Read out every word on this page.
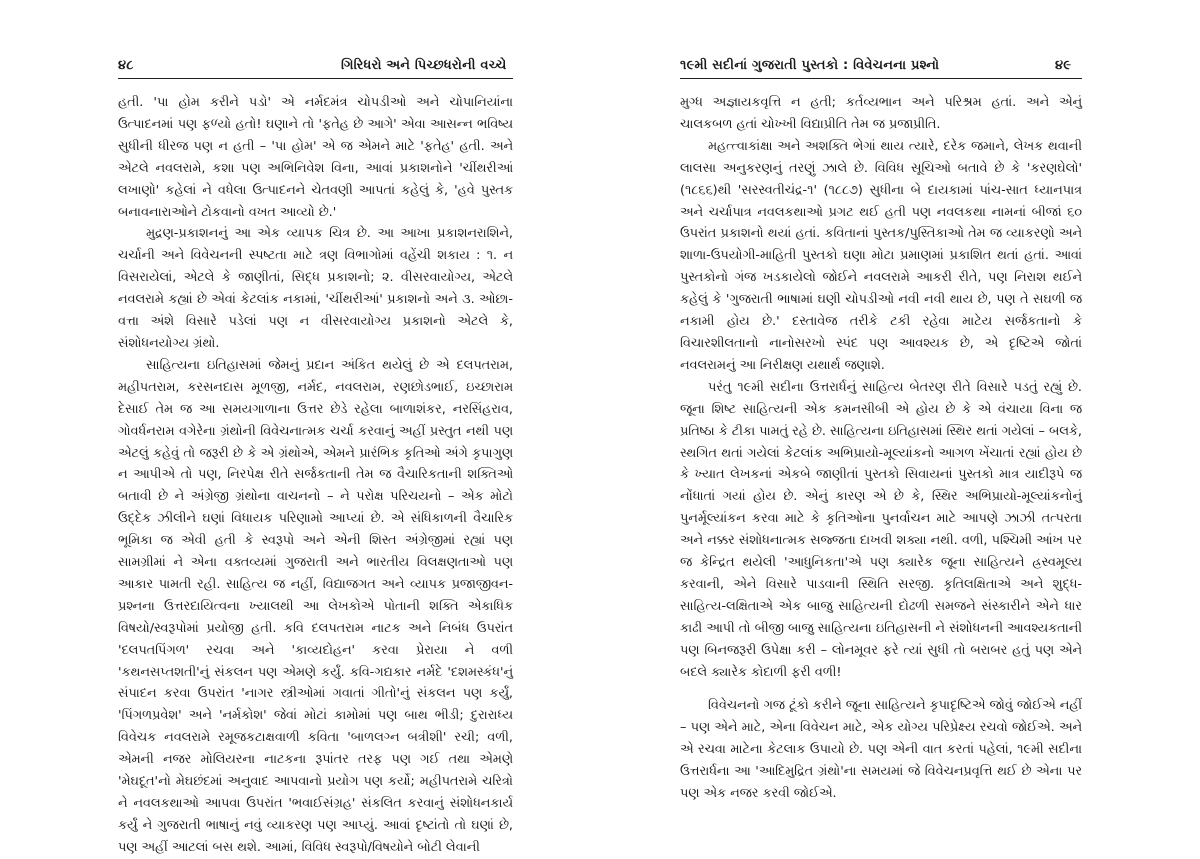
૪૮	ગિરિધરો અને પિચ્છધરોની વચ્ચે

હતી. 'પા હોમ કરીને પડો' એ નર્મદમંત્ર ચોપડીઓ અને ચોપાનિયાંના ઉત્પાદનમાં પણ ફળ્યો હતો! ઘણાને તો 'ફતેહ છે આગે' એવા આસન્ન ભવિષ્ય સુધીની ધીરજ પણ ન હતી – 'પા હોમ' એ જ એમને માટે 'ફતેહ' હતી. અને એટલે નવલરામે, કશા પણ અભિનિવેશ વિના, આવાં પ્રકાશનોને 'ચીંથરીઆં લખાણો' કહેલાં ને વધેલા ઉત્પાદનને ચેતવણી આપતાં કહેલું કે, 'હવે પુસ્તક બનાવનારાઓને ટોકવાનો વખત આવ્યો છે.'

મુદ્રણ-પ્રકાશનનું આ એક વ્યાપક ચિત્ર છે. આ આખા પ્રકાશનરાશિને, ચર્ચાની અને વિવેચનની સ્પષ્ટતા માટે ત્રણ વિભાગોમાં વહેંચી શકાય : ૧. ન વિસરાયેલાં, એટલે કે જાણીતાં, સિદ્ધ પ્રકાશનો; ૨. વીસરવાયોગ્ય, એટલે નવલરામે કહ્યાં છે એવાં કેટલાંક નકામાં, 'ચીંથરીઆં' પ્રકાશનો અને ૩. ઓછા-વત્તા અંશે વિસારે પડેલાં પણ ન વીસરવાયોગ્ય પ્રકાશનો એટલે કે, સંશોધનયોગ્ય ગ્રંથો.

સાહિત્યના ઇતિહાસમાં જેમનું પ્રદાન અંકિત થયેલું છે એ દલપતરામ, મહીપતરામ, કરસનદાસ મૂળજી, નર્મદ, નવલરામ, રણછોડભાઈ, ઇચ્છારામ દેસાઈ તેમ જ આ સમયગાળાના ઉત્તર છેડે રહેલા બાળાશંકર, નરસિંહરાવ, ગોવર્ધનરામ વગેરેના ગ્રંથોની વિવેચનાત્મક ચર્ચા કરવાનું અહીં પ્રસ્તુત નથી પણ એટલું કહેવું તો જરૂરી છે કે એ ગ્રંથોએ, એમને પ્રારંભિક કૃતિઓ અંગે કૃપાગુણ ન આપીએ તો પણ, નિરપેક્ષ રીતે સર્જકતાની તેમ જ વૈચારિકતાની શક્તિઓ બતાવી છે ને અંગ્રેજી ગ્રંથોના વાચનનો – ને પરોક્ષ પરિચયનો – એક મોટો ઉદ્દેક ઝીલીને ઘણાં વિધાયક પરિણામો આપ્યાં છે. એ સંધિકાળની વૈચારિક ભૂમિકા જ એવી હતી કે સ્વરૂપો અને એની શિસ્ત અંગ્રેજીમાં રહ્યાં પણ સામગ્રીમાં ને એના વક્તવ્યમાં ગુજરાતી અને ભારતીય વિલક્ષણતાઓ પણ આકાર પામતી રહી. સાહિત્ય જ નહીં, વિદ્યાજગત અને વ્યાપક પ્રજાજીવન-પ્રશ્નના ઉત્તરદાયિત્વના ખ્યાલથી આ લેખકોએ પોતાની શક્તિ એકાધિક વિષયો/સ્વરૂપોમાં પ્રયોજી હતી. કવિ દલપતરામ નાટક અને નિબંધ ઉપરાંત 'દલપતપિંગળ' રચવા અને 'કાવ્યદોહન' કરવા પ્રેરાયા ને વળી 'કથનસપ્તશતી'નું સંકલન પણ એમણે કર્યું. કવિ-ગદ્યકાર નર્મદે 'દશમસ્કંધ'નું સંપાદન કરવા ઉપરાંત 'નાગર સ્ત્રીઓમાં ગવાતાં ગીતો'નું સંકલન પણ કર્યું, 'પિંગળપ્રવેશ' અને 'નર્મકોશ' જેવાં મોટાં કામોમાં પણ બાથ ભીડી; દુરારાધ્ય વિવેચક નવલરામે રમૂજકટાક્ષવાળી કવિતા 'બાળલગ્ન બત્રીશી' રચી; વળી, એમની નજર મોલિયરના નાટકના રૂપાંતર તરફ પણ ગઈ તથા એમણે 'મેઘદૂત'નો મેઘછંદમાં અનુવાદ આપવાનો પ્રયોગ પણ કર્યો; મહીપતરામે ચરિત્રો ને નવલકથાઓ આપવા ઉપરાંત 'ભવાઈસંગ્રહ' સંકલિત કરવાનું સંશોધનકાર્ય કર્યું ને ગુજરાતી ભાષાનું નવું વ્યાકરણ પણ આપ્યું. આવાં દૃષ્ટાંતો તો ઘણાં છે, પણ અહીં આટલાં બસ થશે. આમાં, વિવિધ સ્વરૂપો/વિષયોને બોટી લેવાની

૧૯મી સદીનાં ગુજરાતી પુસ્તકો : વિવેચનના પ્રશ્નો	૪૯

મુગ્ધ અજ્ઞાયકવૃત્તિ ન હતી; કર્તવ્યભાન અને પરિશ્રમ હતાં. અને એનું ચાલકબળ હતાં ચોખ્ખી વિદ્યાપ્રીતિ તેમ જ પ્રજાપ્રીતિ.

મહત્ત્વાકાંક્ષા અને અશક્તિ ભેગાં થાય ત્યારે, દરેક જમાને, લેખક થવાની લાલસા અનુકરણનું તરણું ઝાલે છે. વિવિધ સૂચિઓ બતાવે છે કે 'કરણઘેલો' (૧૮૬૬)થી 'સરસ્વતીચંદ્ર-૧' (૧૮૮૭) સુધીના બે દાયકામાં પાંચ-સાત ધ્યાનપાત્ર અને ચર્ચાપાત્ર નવલકથાઓ પ્રગટ થઈ હતી પણ નવલકથા નામનાં બીજાં ૬૦ ઉપરાંત પ્રકાશનો થયાં હતાં. કવિતાનાં પુસ્તક/પુસ્તિકાઓ તેમ જ વ્યાકરણો અને શાળા-ઉપયોગી-માહિતી પુસ્તકો ઘણા મોટા પ્રમાણમાં પ્રકાશિત થતાં હતાં. આવાં પુસ્તકોનો ગંજ ખડકાયેલો જોઈને નવલરામે આકરી રીતે, પણ નિરાશ થઈને કહેલું કે 'ગુજરાતી ભાષામાં ઘણી ચોપડીઓ નવી નવી થાય છે, પણ તે સઘળી જ નકામી હોય છે.' દસ્તાવેજ તરીકે ટકી રહેવા માટેય સર્જકતાનો કે વિચારશીલતાનો નાનોસરખો સ્પંદ પણ આવશ્યક છે, એ દૃષ્ટિએ જોતાં નવલરામનું આ નિરીક્ષણ યથાર્થ જણાશે.

પરંતુ ૧૯મી સદીના ઉત્તરાર્ધનું સાહિત્ય બેતરણ રીતે વિસારે પડતું રહ્યું છે. જૂના શિષ્ટ સાહિત્યની એક કમનસીબી એ હોય છે કે એ વંચાયા વિના જ પ્રતિષ્ઠા કે ટીકા પામતું રહે છે. સાહિત્યના ઇતિહાસમાં સ્થિર થતાં ગયેલાં – બલકે, સ્થગિત થતાં ગયેલાં કેટલાંક અભિપ્રાયો-મૂલ્યાંકનો આગળ ખેંચાતાં રહ્યાં હોય છે કે ખ્યાત લેખકનાં એકબે જાણીતાં પુસ્તકો સિવાયનાં પુસ્તકો માત્ર યાદીરૂપે જ નોંધાતાં ગયાં હોય છે. એનું કારણ એ છે કે, સ્થિર અભિપ્રાયો-મૂલ્યાંકનોનું પુનર્મૂલ્યાંકન કરવા માટે કે કૃતિઓના પુનર્વાચન માટે આપણે ઝાઝી તત્પરતા અને નક્કર સંશોધનાત્મક સજ્જતા દાખવી શક્યા નથી. વળી, પશ્ચિમી આંખ પર જ કેન્દ્રિત થયેલી 'આધુનિકતા'એ પણ ક્યારેક જૂના સાહિત્યને હ્રસ્વમૂલ્ય કરવાની, એને વિસારે પાડવાની સ્થિતિ સરજી. કૃતિલક્ષિતાએ અને શુદ્ધ-સાહિત્ય-લક્ષિતાએ એક બાજુ સાહિત્યની દોઢળી સમજને સંસ્કારીને એને ધાર કાઢી આપી તો બીજી બાજુ સાહિત્યના ઇતિહાસની ને સંશોધનની આવશ્યકતાની પણ બિનજરૂરી ઉપેક્ષા કરી – લોનમૂવર ફરે ત્યાં સુધી તો બરાબર હતું પણ એને બદલે ક્યારેક કોદાળી ફરી વળી!

વિવેચનનો ગજ ટૂંકો કરીને જૂના સાહિત્યને કૃપાદૃષ્ટિએ જોવું જોઈએ નહીં – પણ એને માટે, એના વિવેચન માટે, એક યોગ્ય પરિપ્રેક્ષ્ય રચવો જોઈએ. અને એ રચવા માટેના કેટલાક ઉપાયો છે. પણ એની વાત કરતાં પહેલાં, ૧૯મી સદીના ઉત્તરાર્ધના આ 'આદિમુદ્રિત ગ્રંથો'ના સમયમાં જે વિવેચનપ્રવૃત્તિ થઈ છે એના પર પણ એક નજર કરવી જોઈએ.
